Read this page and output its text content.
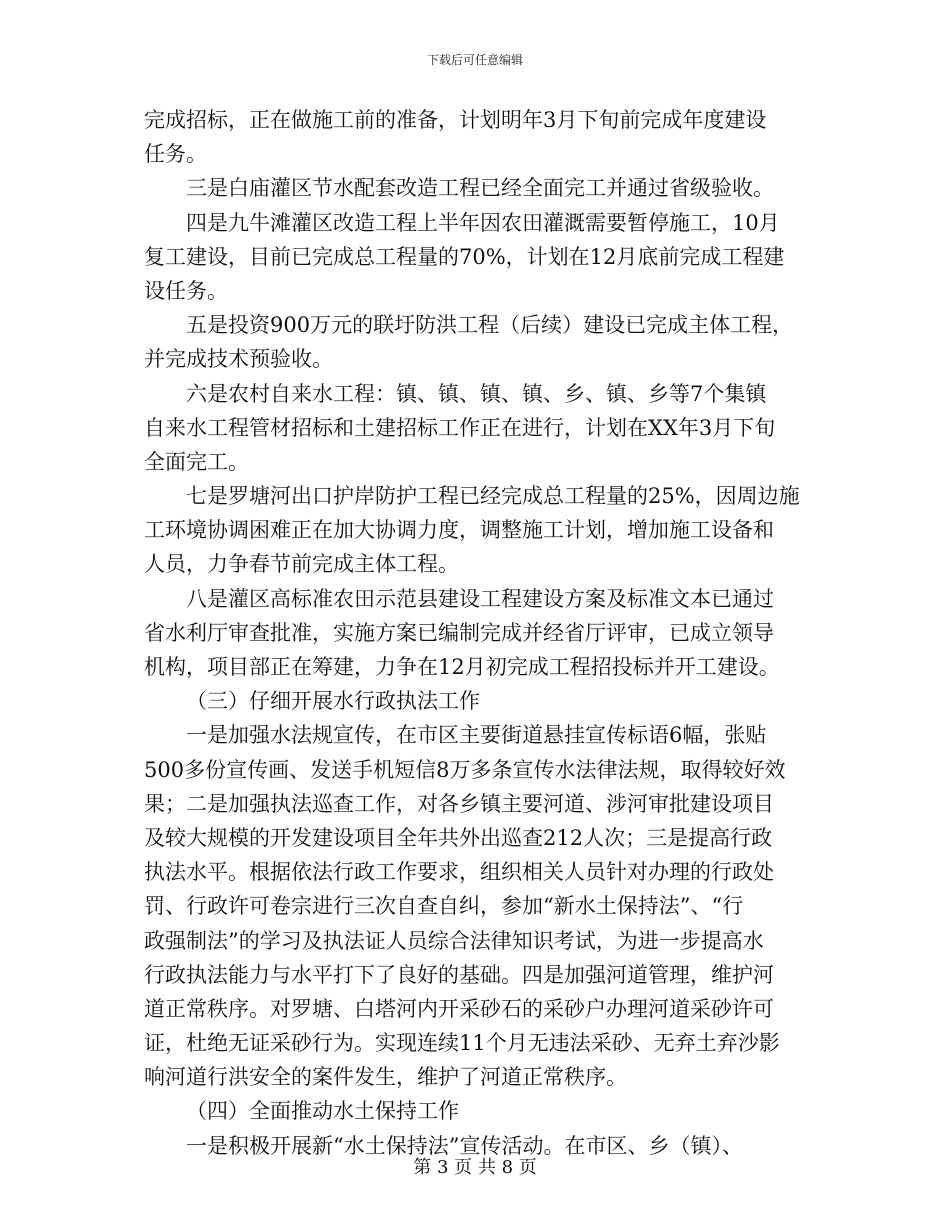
下载后可任意编辑
完成招标，正在做施工前的准备，计划明年3月下旬前完成年度建设
任务。
三是白庙灌区节水配套改造工程已经全面完工并通过省级验收。
四是九牛滩灌区改造工程上半年因农田灌溉需要暂停施工，10月
复工建设，目前已完成总工程量的70%，计划在12月底前完成工程建
设任务。
五是投资900万元的联圩防洪工程（后续）建设已完成主体工程，
并完成技术预验收。
六是农村自来水工程：镇、镇、镇、镇、乡、镇、乡等7个集镇
自来水工程管材招标和土建招标工作正在进行，计划在XX年3月下旬
全面完工。
七是罗塘河出口护岸防护工程已经完成总工程量的25%，因周边施
工环境协调困难正在加大协调力度，调整施工计划，增加施工设备和
人员，力争春节前完成主体工程。
八是灌区高标准农田示范县建设工程建设方案及标准文本已通过
省水利厅审查批准，实施方案已编制完成并经省厅评审，已成立领导
机构，项目部正在筹建，力争在12月初完成工程招投标并开工建设。
（三）仔细开展水行政执法工作
一是加强水法规宣传，在市区主要街道悬挂宣传标语6幅，张贴
500多份宣传画、发送手机短信8万多条宣传水法律法规，取得较好效
果；二是加强执法巡查工作，对各乡镇主要河道、涉河审批建设项目
及较大规模的开发建设项目全年共外出巡查212人次；三是提高行政
执法水平。根据依法行政工作要求，组织相关人员针对办理的行政处
罚、行政许可卷宗进行三次自查自纠，参加“新水土保持法”、“行
政强制法”的学习及执法证人员综合法律知识考试，为进一步提高水
行政执法能力与水平打下了良好的基础。四是加强河道管理，维护河
道正常秩序。对罗塘、白塔河内开采砂石的采砂户办理河道采砂许可
证，杜绝无证采砂行为。实现连续11个月无违法采砂、无弃土弃沙影
响河道行洪安全的案件发生，维护了河道正常秩序。
（四）全面推动水土保持工作
一是积极开展新“水土保持法”宣传活动。在市区、乡（镇）、
第 3 页 共 8 页
